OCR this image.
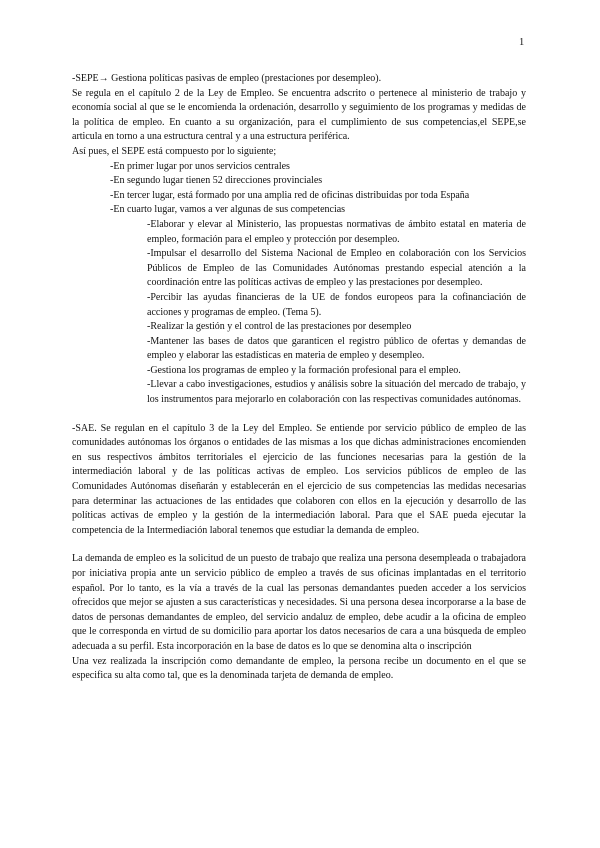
1

-SEPE→ Gestiona políticas pasivas de empleo (prestaciones por desempleo).

Se regula en el capítulo 2 de la Ley de Empleo. Se encuentra adscrito o pertenece al ministerio de trabajo y economía social al que se le encomienda la ordenación, desarrollo y seguimiento de los programas y medidas de la política de empleo. En cuanto a su organización, para el cumplimiento de sus competencias,el SEPE,se articula en torno a una estructura central y a una estructura periférica.

Así pues, el SEPE está compuesto por lo siguiente;

-En primer lugar por unos servicios centrales

-En segundo lugar tienen 52 direcciones provinciales

-En tercer lugar, está formado por una amplia red de oficinas distribuidas por toda España

-En cuarto lugar, vamos a ver algunas de sus competencias

-Elaborar y elevar al Ministerio, las propuestas normativas de ámbito estatal en materia de empleo, formación para el empleo y protección por desempleo.

-Impulsar el desarrollo del Sistema Nacional de Empleo en colaboración con los Servicios Públicos de Empleo de las Comunidades Autónomas prestando especial atención a la coordinación entre las políticas activas de empleo y las prestaciones por desempleo.

-Percibir las ayudas financieras de la UE de fondos europeos para la cofinanciación de acciones y programas de empleo. (Tema 5).

-Realizar la gestión y el control de las prestaciones por desempleo

-Mantener las bases de datos que garanticen el registro público de ofertas y demandas de empleo y elaborar las estadísticas en materia de empleo y desempleo.

-Gestiona los programas de empleo y la formación profesional para el empleo.

-Llevar a cabo investigaciones, estudios y análisis sobre la situación del mercado de trabajo, y los instrumentos para mejorarlo en colaboración con las respectivas comunidades autónomas.

-SAE. Se regulan en el capítulo 3 de la Ley del Empleo. Se entiende por servicio público de empleo de las comunidades autónomas los órganos o entidades de las mismas a los que dichas administraciones encomienden en sus respectivos ámbitos territoriales el ejercicio de las funciones necesarias para la gestión de la intermediación laboral y de las políticas activas de empleo. Los servicios públicos de empleo de las Comunidades Autónomas diseñarán y establecerán en el ejercicio de sus competencias las medidas necesarias para determinar las actuaciones de las entidades que colaboren con ellos en la ejecución y desarrollo de las políticas activas de empleo y la gestión de la intermediación laboral. Para que el SAE pueda ejecutar la competencia de la Intermediación laboral tenemos que estudiar la demanda de empleo.

La demanda de empleo es la solicitud de un puesto de trabajo que realiza una persona desempleada o trabajadora por iniciativa propia ante un servicio público de empleo a través de sus oficinas implantadas en el territorio español. Por lo tanto, es la vía a través de la cual las personas demandantes pueden acceder a los servicios ofrecidos que mejor se ajusten a sus características y necesidades. Si una persona desea incorporarse a la base de datos de personas demandantes de empleo, del servicio andaluz de empleo, debe acudir a la oficina de empleo que le corresponda en virtud de su domicilio para aportar los datos necesarios de cara a una búsqueda de empleo adecuada a su perfil. Esta incorporación en la base de datos es lo que se denomina alta o inscripción

Una vez realizada la inscripción como demandante de empleo, la persona recibe un documento en el que se especifica su alta como tal, que es la denominada tarjeta de demanda de empleo.
